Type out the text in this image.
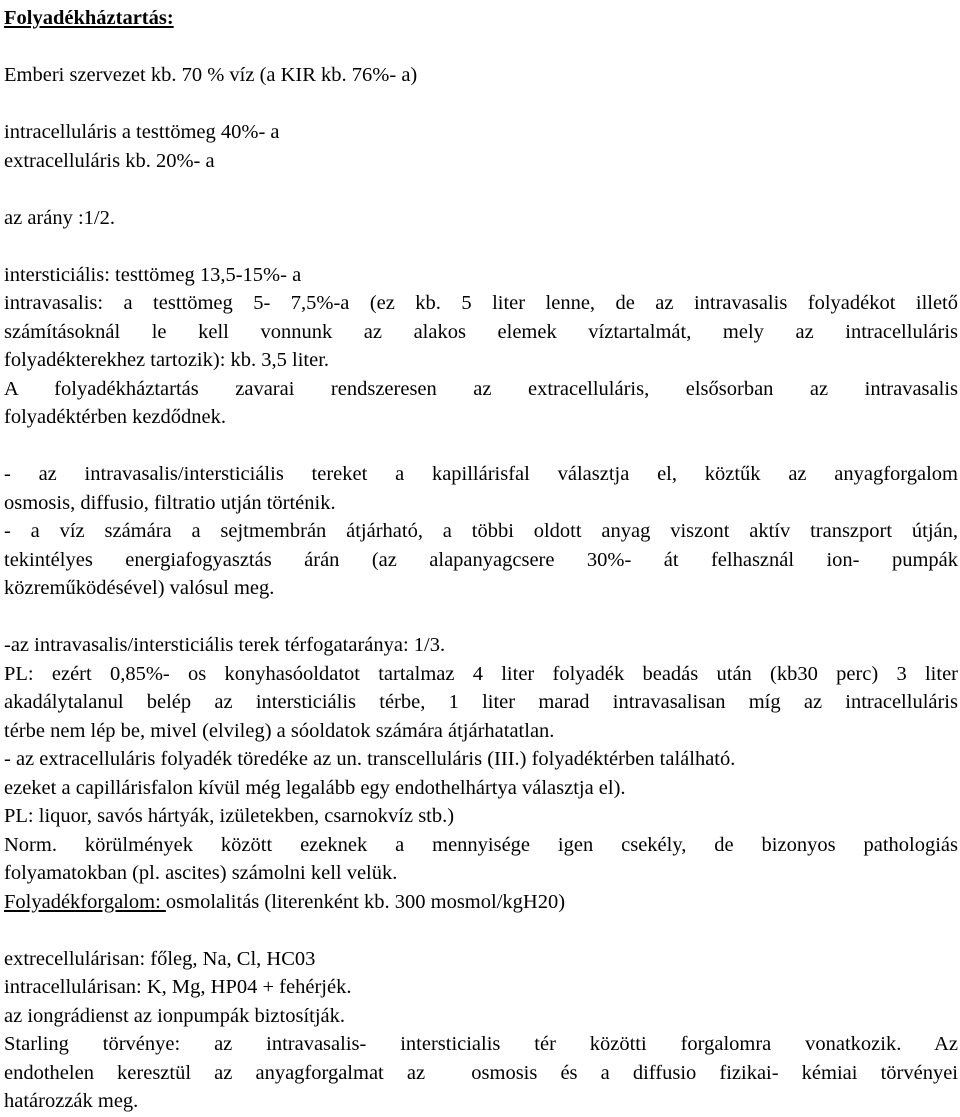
Folyadékháztartás:
Emberi szervezet kb. 70 % víz (a KIR kb. 76%- a)
intracelluláris a testtömeg 40%- a
extracelluláris kb. 20%- a
az arány :1/2.
intersticiális: testtömeg 13,5-15%- a
intravasalis: a testtömeg 5- 7,5%-a (ez kb. 5 liter lenne, de az intravasalis folyadékot illető
számításoknál le kell vonnunk az alakos elemek víztartalmát, mely az intracelluláris
folyadékterekhez tartozik): kb. 3,5 liter.
A folyadékháztartás zavarai rendszeresen az extracelluláris, elsősorban az intravasalis
folyadéktérben kezdődnek.
- az intravasalis/intersticiális tereket a kapillárisfal választja el, köztűk az anyagforgalom
osmosis, diffusio, filtratio utján történik.
- a víz számára a sejtmembrán átjárható, a többi oldott anyag viszont aktív transzport útján,
tekintélyes energiafogyasztás árán (az alapanyagcsere 30%- át felhasznál ion- pumpák
közreműködésével) valósul meg.
-az intravasalis/intersticiális terek térfogataránya: 1/3.
PL: ezért 0,85%- os konyhasóoldatot tartalmaz 4 liter folyadék beadás után (kb30 perc) 3 liter
akadálytalanul belép az intersticiális térbe, 1 liter marad intravasalisan míg az intracelluláris
térbe nem lép be, mivel (elvileg) a sóoldatok számára átjárhatatlan.
- az extracelluláris folyadék töredéke az un. transcelluláris (III.) folyadéktérben található.
ezeket a capillárisfalon kívül még legalább egy endothelhártya választja el).
PL: liquor, savós hártyák, izületekben, csarnokvíz stb.)
Norm. körülmények között ezeknek a mennyisége igen csekély, de bizonyos pathologiás
folyamatokban (pl. ascites) számolni kell velük.
Folyadékforgalom: osmolalitás (literenként kb. 300 mosmol/kgH20)
extrecellulárisan: főleg, Na, Cl, HC03
intracellulárisan: K, Mg, HP04 + fehérjék.
az iongrádienst az ionpumpák biztosítják.
Starling törvénye: az intravasalis- intersticialis tér közötti forgalomra vonatkozik. Az
endothelen keresztül az anyagforgalmat az  osmosis és a diffusio fizikai- kémiai törvényei
határozzák meg.
